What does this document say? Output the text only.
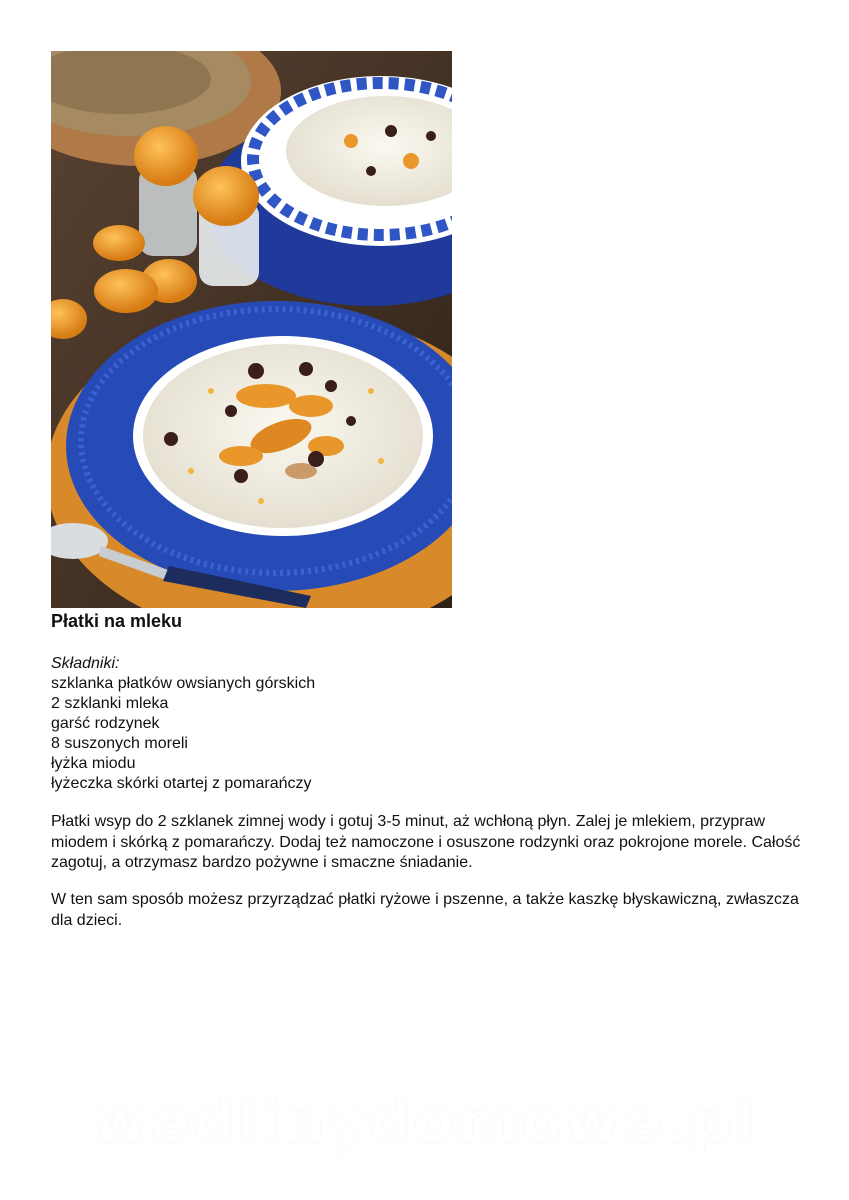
Płatki na mleku
Składniki:
szklanka płatków owsianych górskich
2 szklanki mleka
garść rodzynek
8 suszonych moreli
łyżka miodu
łyżeczka skórki otartej z pomarańczy

Płatki wsyp do 2 szklanek zimnej wody i gotuj 3-5 minut, aż wchłoną płyn. Zalej je mlekiem, przypraw miodem i skórką z pomarańczy. Dodaj też namoczone i osuszone rodzynki oraz pokrojone morele. Całość zagotuj, a otrzymasz bardzo pożywne i smaczne śniadanie.

W ten sam sposób możesz przyrządzać płatki ryżowe i pszenne, a także kaszkę błyskawiczną, zwłaszcza dla dzieci.

wedlinydomowe.pl
